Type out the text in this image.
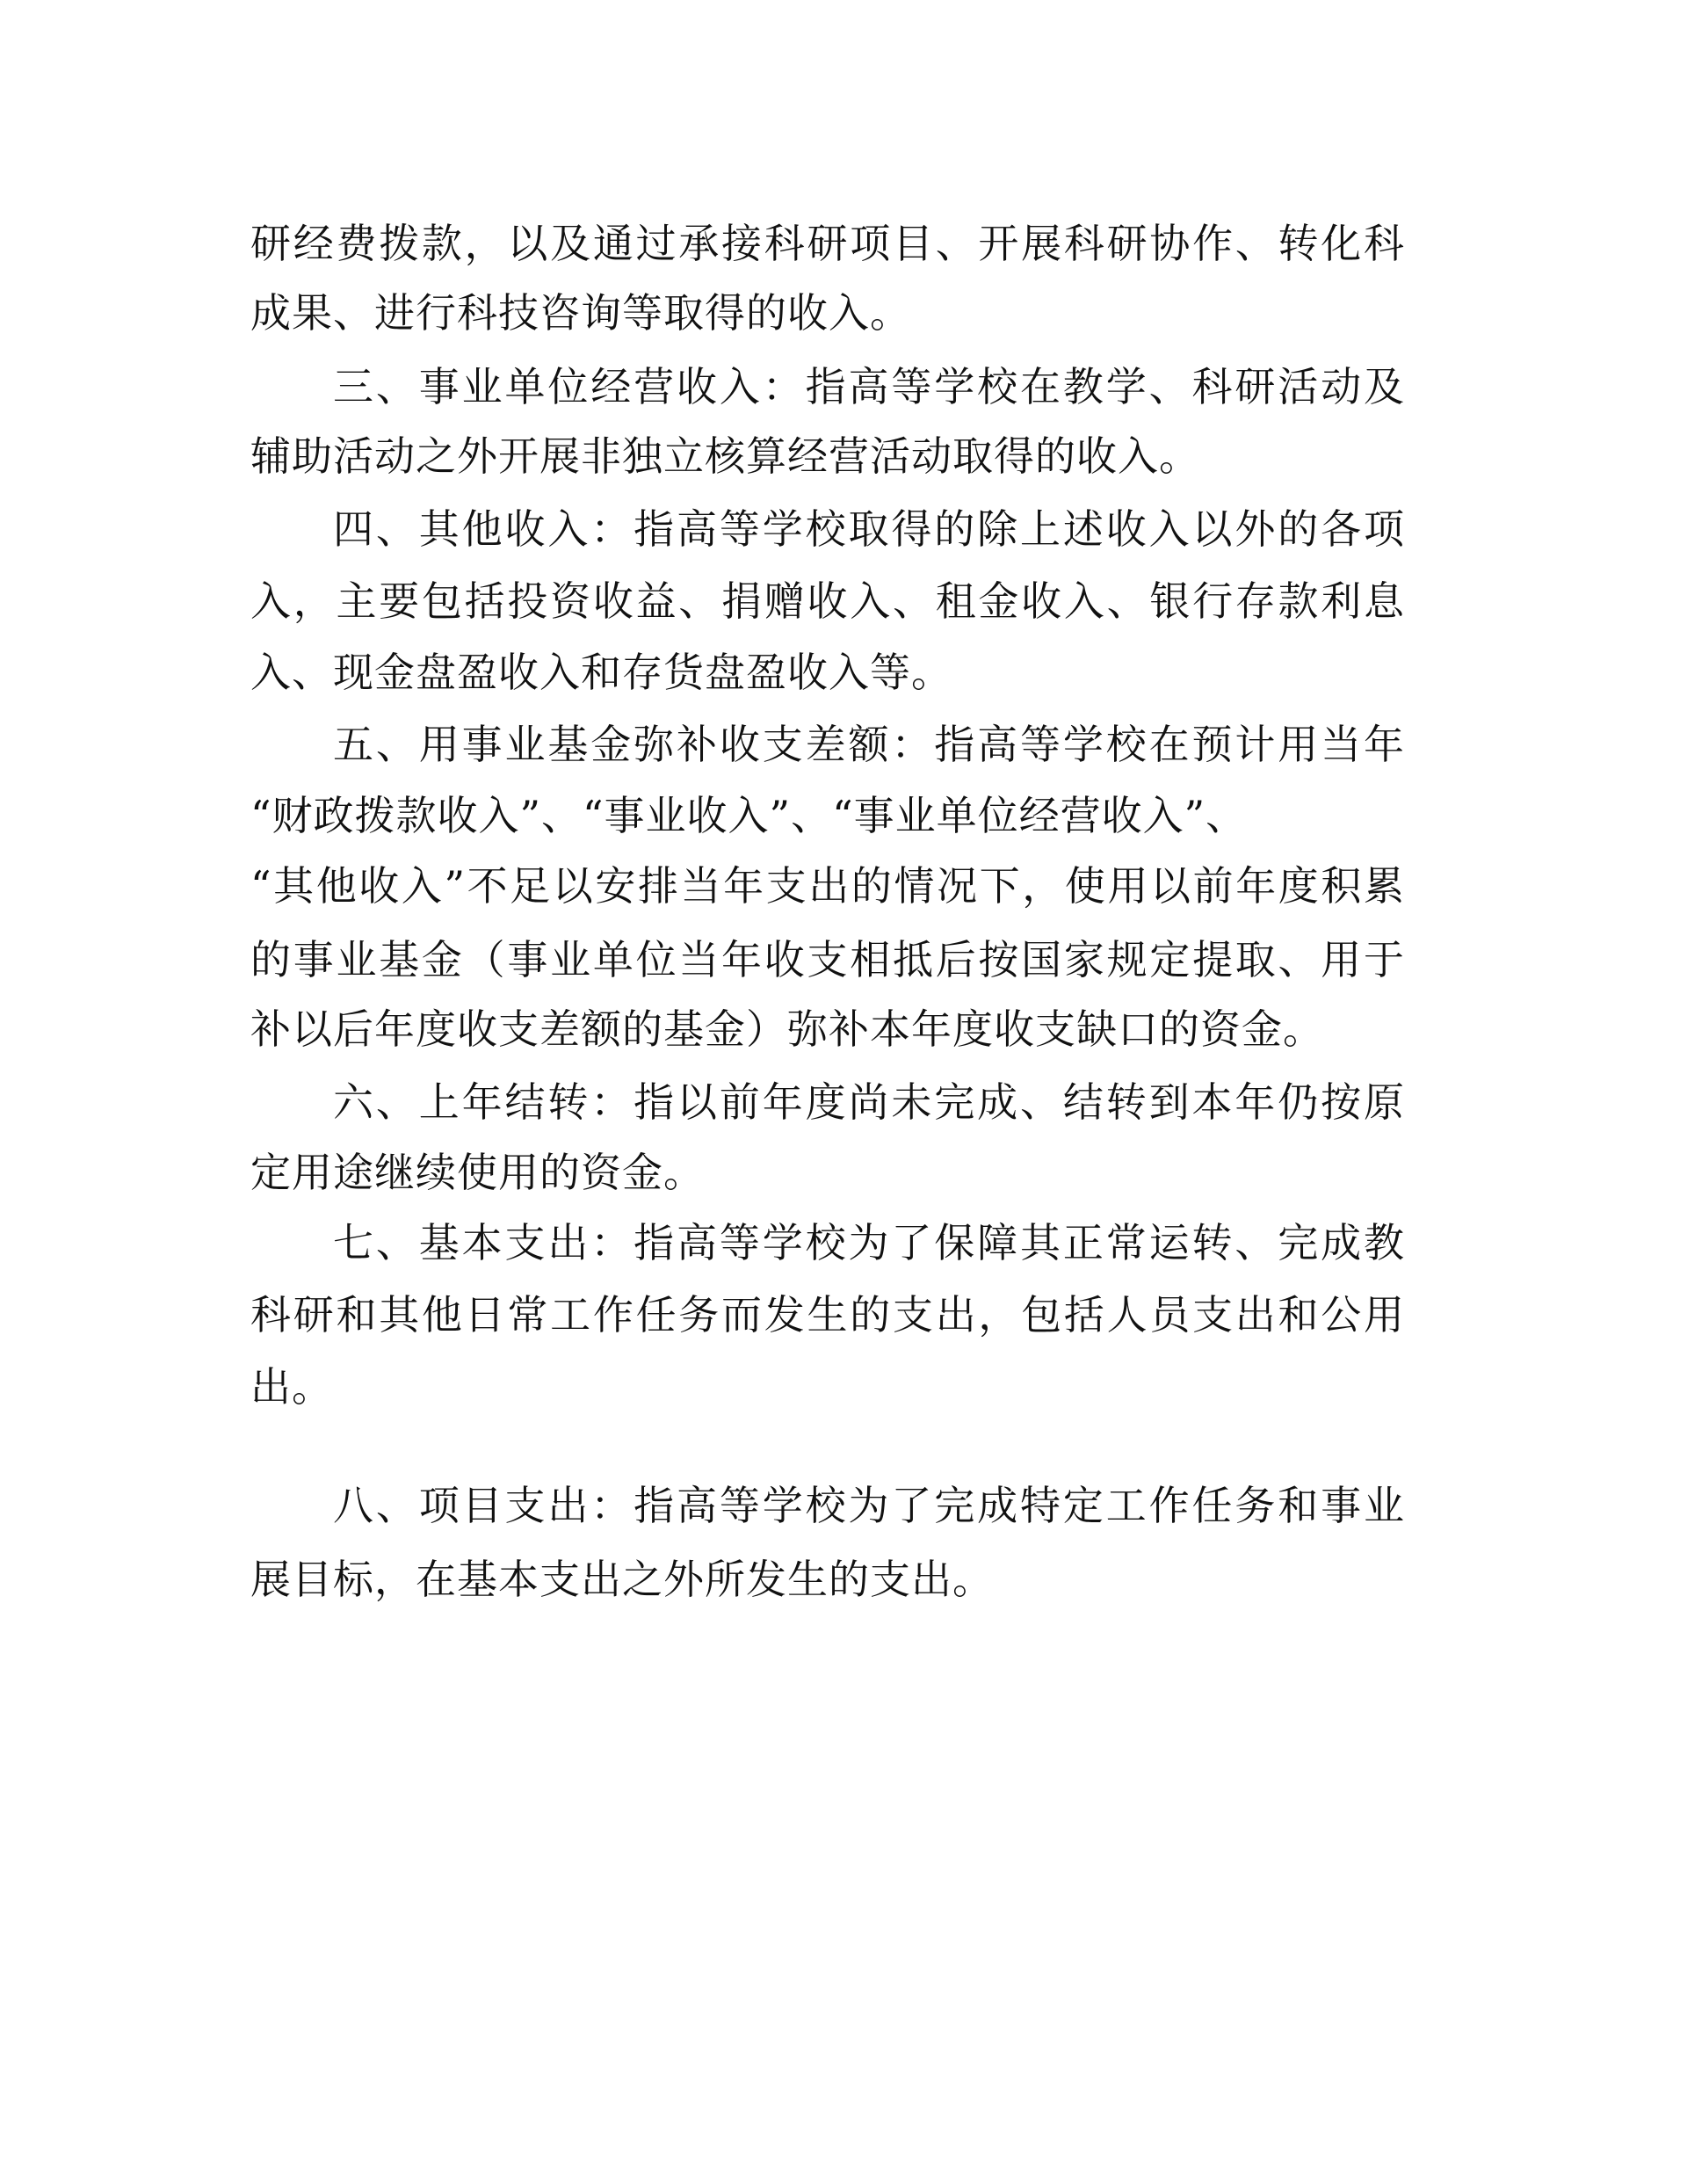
研经费拨款，以及通过承接科研项目、开展科研协作、转化科
成果、进行科技咨询等取得的收入。
三、事业单位经营收入：指高等学校在教学、科研活动及
辅助活动之外开展非独立核算经营活动取得的收入。
四、其他收入：指高等学校取得的除上述收入以外的各项
入，主要包括投资收益、捐赠收入、租金收入、银行存款利息
入、现金盘盈收入和存货盘盈收入等。
五、用事业基金弥补收支差额：指高等学校在预计用当年
“财政拨款收入”、“事业收入”、“事业单位经营收入”、
“其他收入”不足以安排当年支出的情况下，使用以前年度积累
的事业基金（事业单位当年收支相抵后按国家规定提取、用于
补以后年度收支差额的基金）弥补本年度收支缺口的资金。
六、上年结转：指以前年度尚未完成、结转到本年仍按原
定用途继续使用的资金。
七、基本支出：指高等学校为了保障其正常运转、完成教
科研和其他日常工作任务而发生的支出，包括人员支出和公用
出。
八、项目支出：指高等学校为了完成特定工作任务和事业
展目标，在基本支出之外所发生的支出。
